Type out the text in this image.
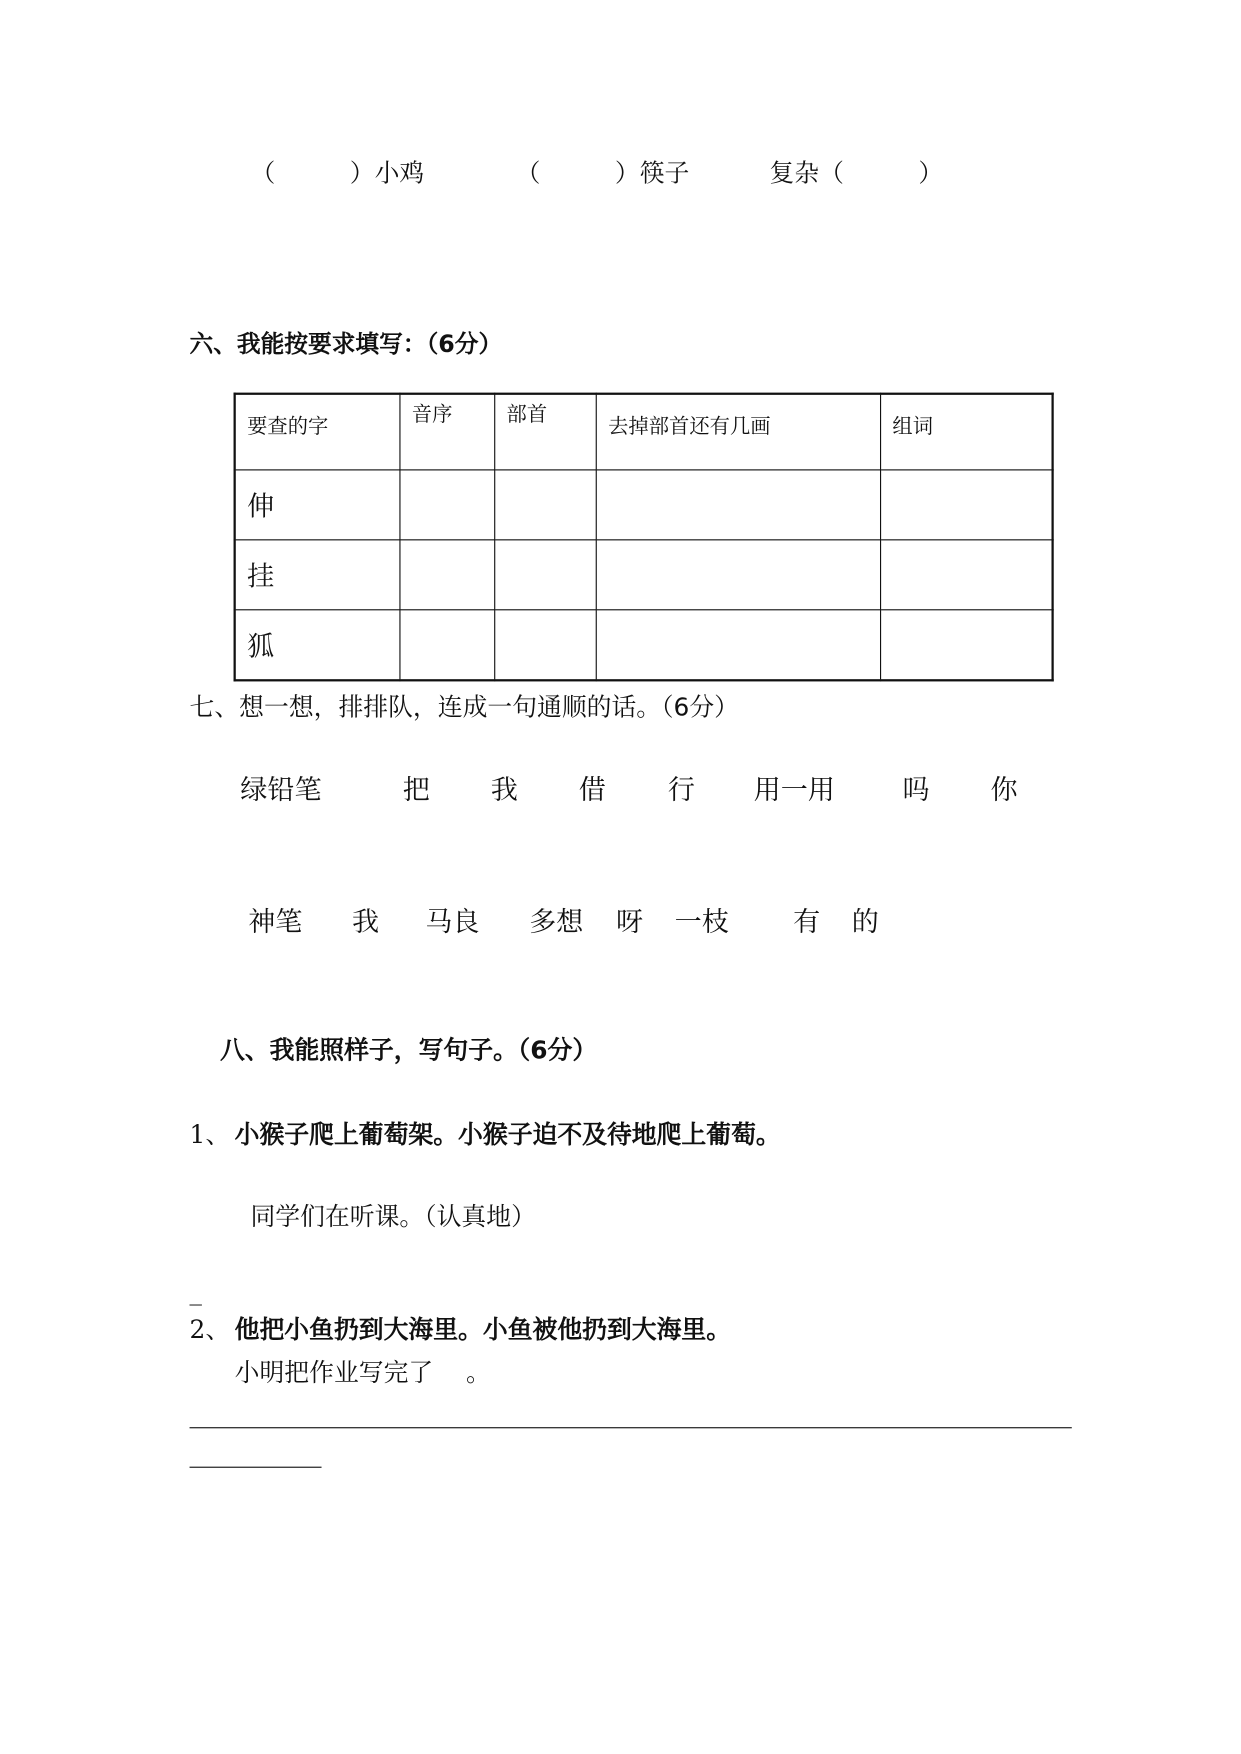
（　　　）小鸡	（　　　）筷子	复杂（　　　）
六、我能按要求填写：（6分）
要查的字	音序	部首	去掉部首还有几画	组词
伸				
挂				
狐				
七、想一想，排排队，连成一句通顺的话。（6分）
绿铅笔	把	我	借	行 用一用	吗	你
神笔 我 马良 多想 呀 一枝	有 的
八、我能照样子，写句子。（6分）
1、 小猴子爬上葡萄架。小猴子迫不及待地爬上葡萄。
同学们在听课。（认真地）
_
2、 他把小鱼扔到大海里。小鱼被他扔到大海里。
小明把作业写完了　 。
